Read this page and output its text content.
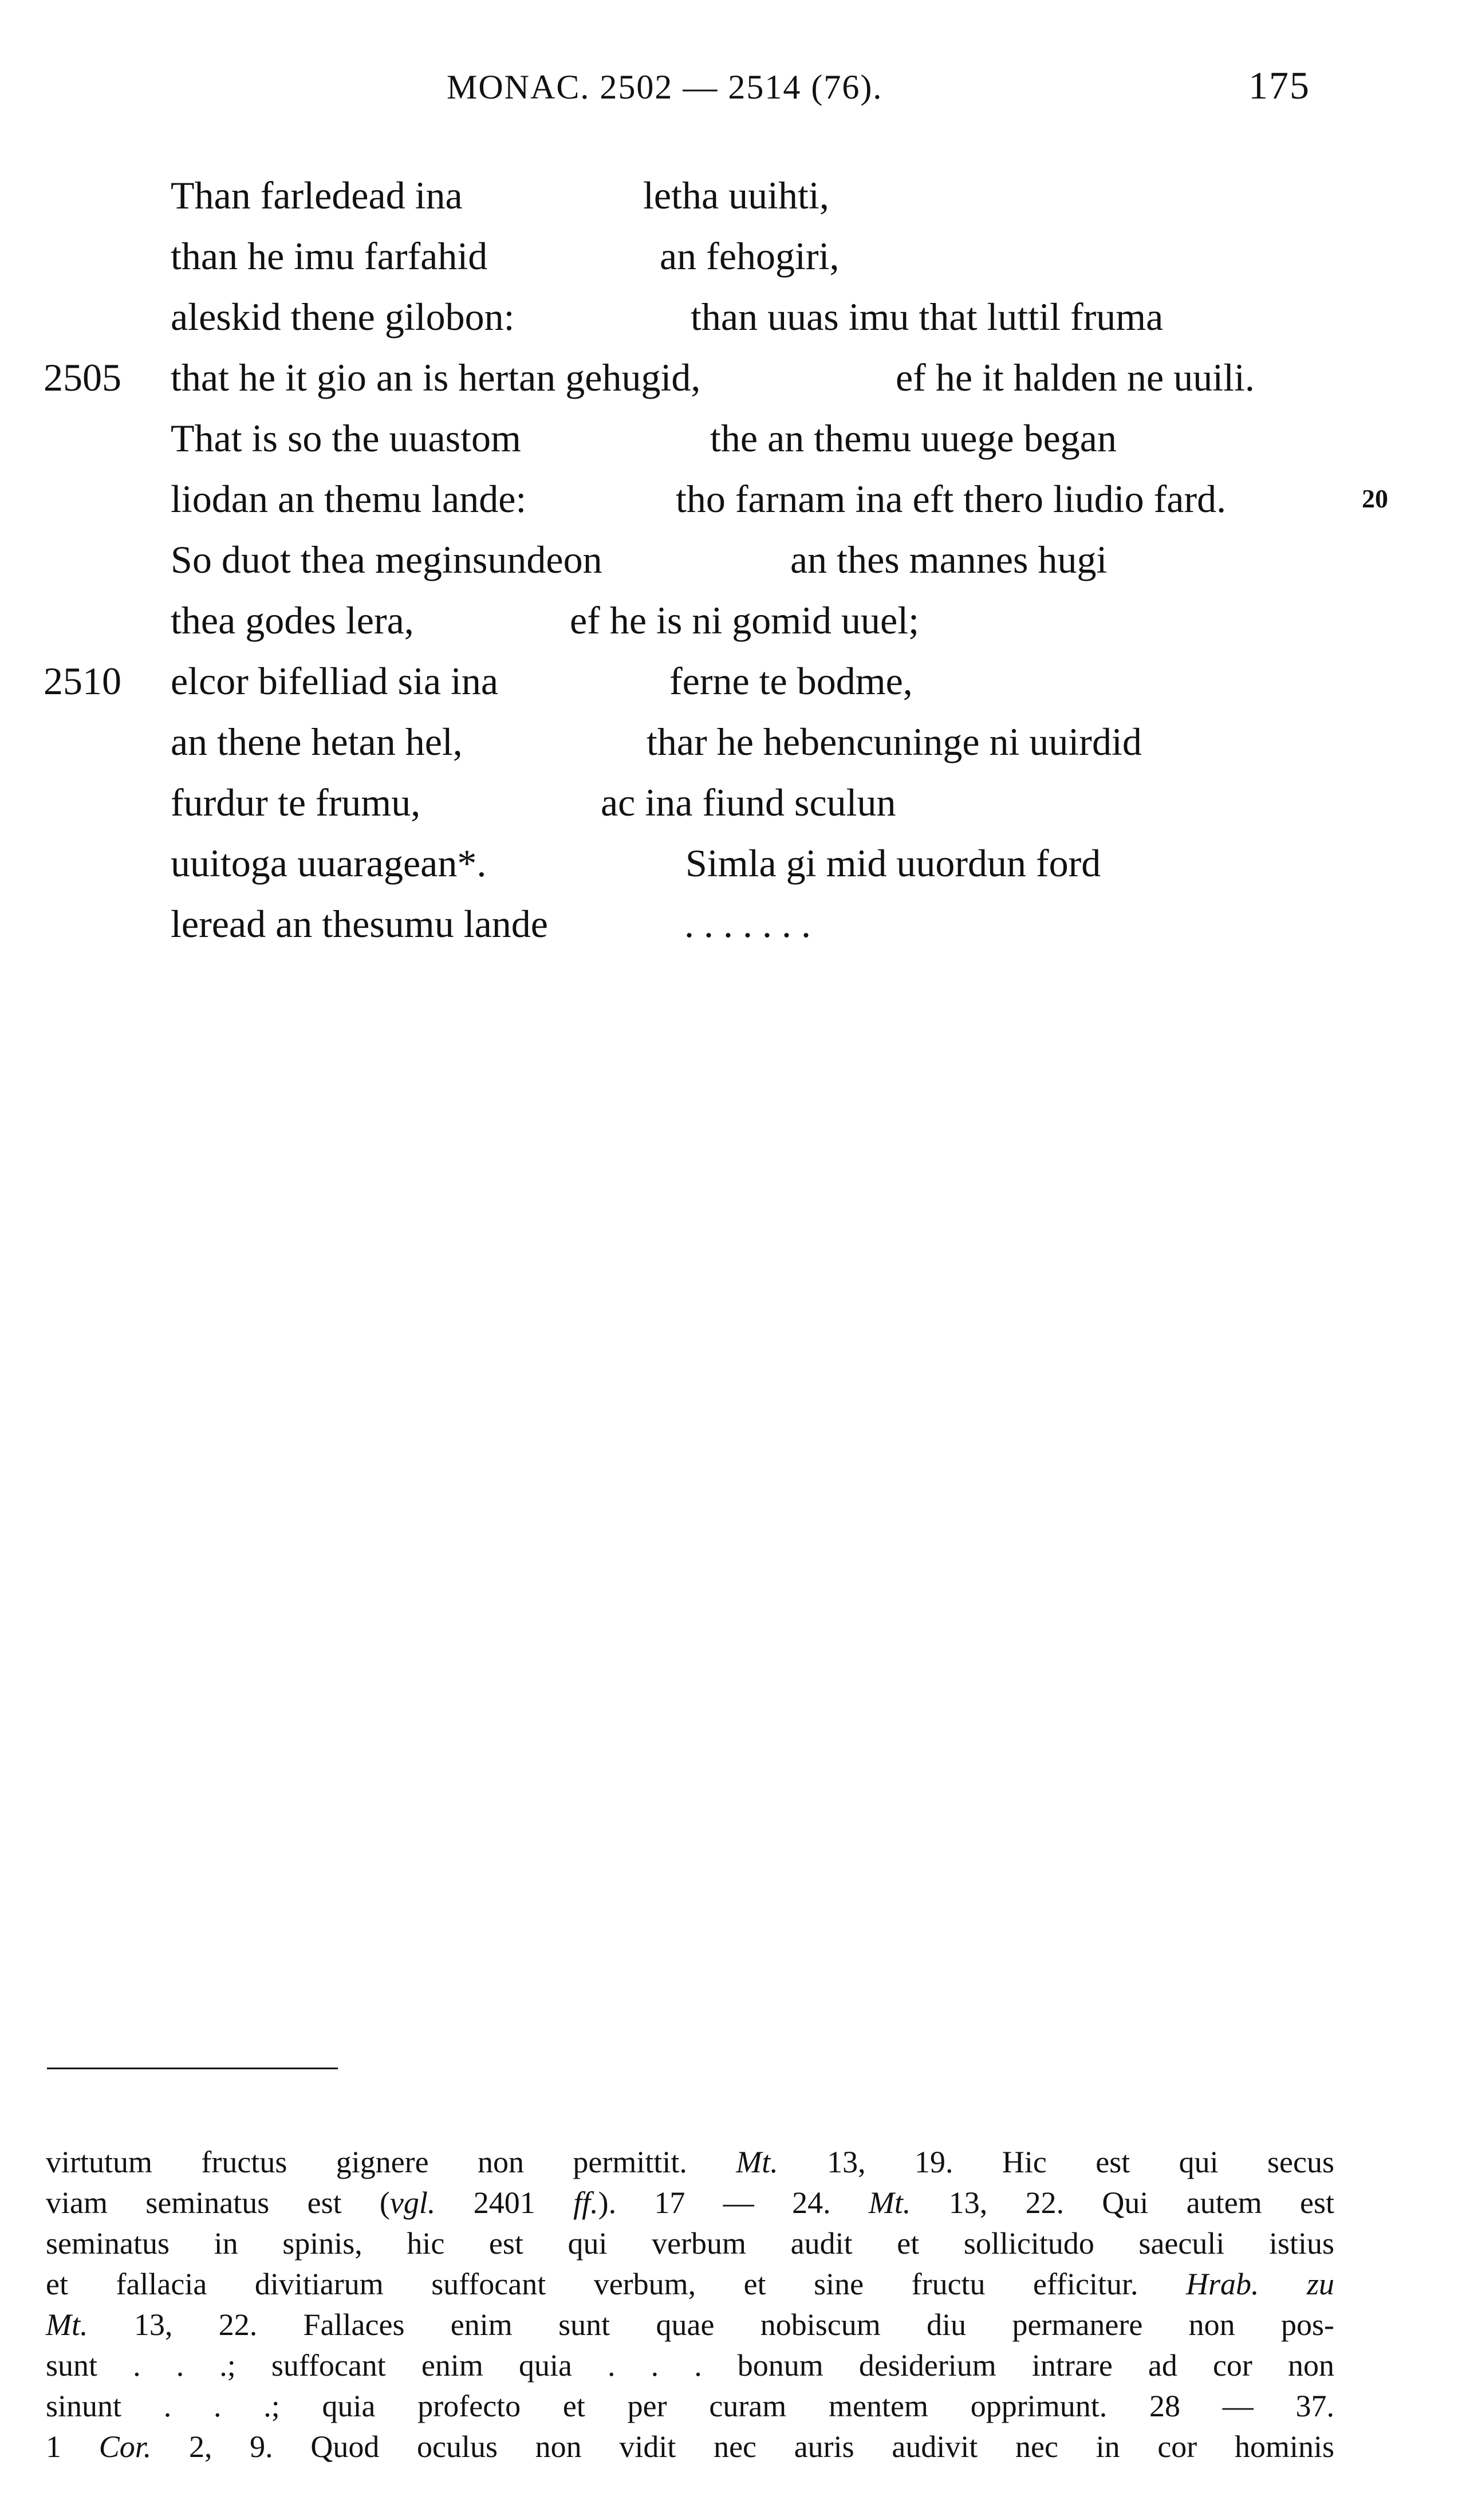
MONAC. 2502 — 2514 (76).	175
Than farledead ina	letha uuihti,
than he imu farfahid	an fehogiri,
aleskid thene gilobon:	than uuas imu that luttil fruma
2505 that he it gio an is hertan gehugid,	ef he it halden ne uuili.
That is so the uuastom	the an themu uuege began
liodan an themu lande:	tho farnam ina eft thero liudio fard.	20
So duot thea meginsundeon	an thes mannes hugi
thea godes lera,	ef he is ni gomid uuel;
2510 elcor bifelliad sia ina	ferne te bodme,
an thene hetan hel,	thar he hebencuninge ni uuirdid
furdur te frumu,	ac ina fiund sculun
uuitoga uuaragean*.	Simla gi mid uuordun ford
leread an thesumu lande	. . . . . . .
virtutum fructus gignere non permittit. Mt. 13, 19. Hic est qui secus
viam seminatus est (vgl. 2401 ff.). 17 — 24. Mt. 13, 22. Qui autem est
seminatus in spinis, hic est qui verbum audit et sollicitudo saeculi istius
et fallacia divitiarum suffocant verbum, et sine fructu efficitur. Hrab. zu
Mt. 13, 22. Fallaces enim sunt quae nobiscum diu permanere non pos-
sunt . . .; suffocant enim quia . . . bonum desiderium intrare ad cor non
sinunt . . .; quia profecto et per curam mentem opprimunt. 28 — 37.
1 Cor. 2, 9. Quod oculus non vidit nec auris audivit nec in cor hominis
